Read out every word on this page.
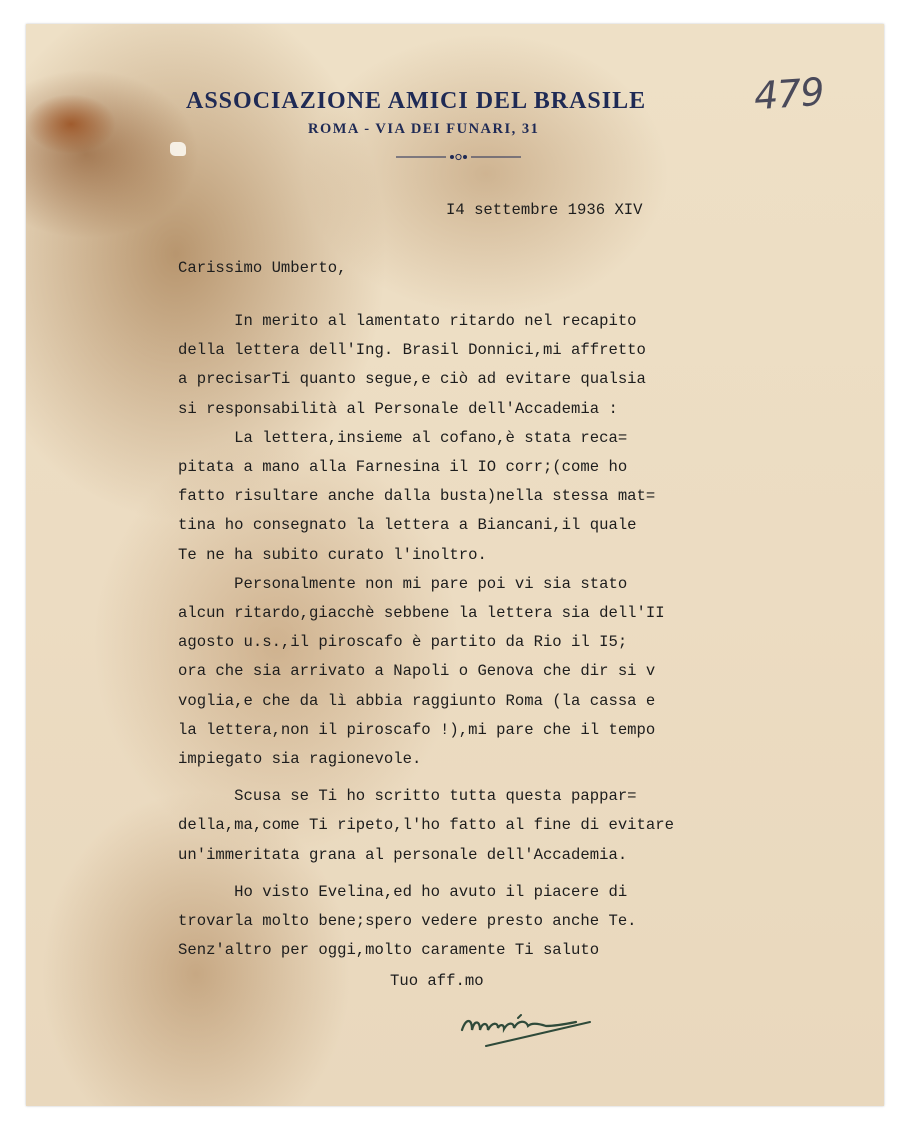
ASSOCIAZIONE AMICI DEL BRASILE
ROMA - VIA DEI FUNARI, 31
479
I4 settembre 1936 XIV
Carissimo Umberto,
In merito al lamentato ritardo nel recapito
della lettera dell'Ing. Brasil Donnici,mi affretto
a precisarTi quanto segue,e ciò ad evitare qualsia
si responsabilità al Personale dell'Accademia :
La lettera,insieme al cofano,è stata reca=
pitata a mano alla Farnesina il IO corr;(come ho
fatto risultare anche dalla busta)nella stessa mat=
tina ho consegnato la lettera a Biancani,il quale
Te ne ha subito curato l'inoltro.
Personalmente non mi pare poi vi sia stato
alcun ritardo,giacchè sebbene la lettera sia dell'II
agosto u.s.,il piroscafo è partito da Rio il I5;
ora che sia arrivato a Napoli o Genova che dir si v
voglia,e che da lì abbia raggiunto Roma (la cassa e
la lettera,non il piroscafo !),mi pare che il tempo
impiegato sia ragionevole.
Scusa se Ti ho scritto tutta questa pappar=
della,ma,come Ti ripeto,l'ho fatto al fine di evitare
un'immeritata grana al personale dell'Accademia.
Ho visto Evelina,ed ho avuto il piacere di
trovarla molto bene;spero vedere presto anche Te.
Senz'altro per oggi,molto caramente Ti saluto
Tuo aff.mo
